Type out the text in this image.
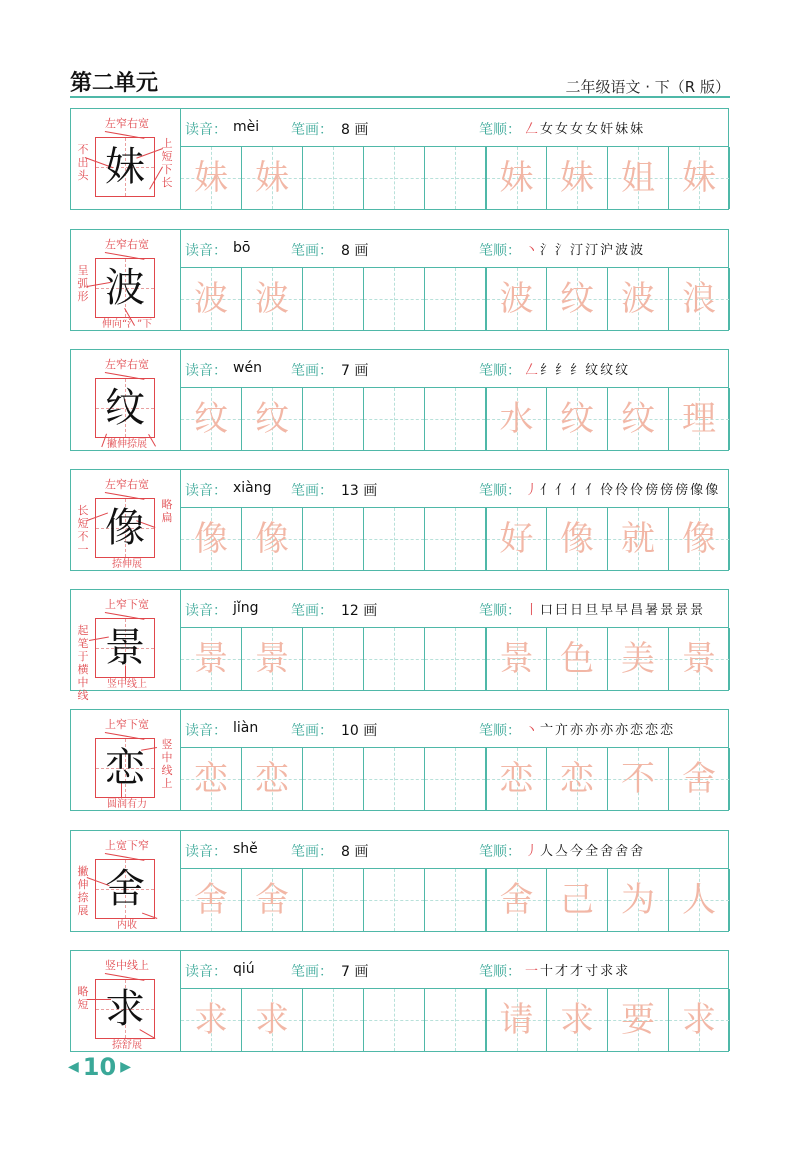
第二单元	二年级语文 · 下（R 版）
妹
左窄右宽
不出头
上短下长
读音： mèi 笔画： 8 画	笔顺： 𠃋 女 女 女 女 奸 妹 妹
妹 妹	妹 妹 姐 妹
波
左窄右宽
呈弧形
伸向“氵”下
读音： bō	笔画： 8 画	笔顺： 丶 氵 氵 汀 汀 沪 波 波
波 波	波 纹 波 浪
纹
左窄右宽
撇伸捺展
读音： wén 笔画： 7 画	笔顺： 𠃋 纟 纟 纟 纹 纹 纹
纹 纹	水 纹 纹 理
像
左窄右宽
长短不一
略扁
捺伸展
读音： xiàng 笔画： 13 画	笔顺： 丿 亻 亻 亻 亻 伶 伶 伶 傍 傍 傍 像 像
像 像	好 像 就 像
景
上窄下宽
起笔于横中线
竖中线上
读音： jǐng 笔画： 12 画	笔顺： 丨 口 曰 日 旦 早 早 昌 暑 景 景 景
景 景	景 色 美 景
恋
上窄下宽
竖中线上
圆润有力
读音： liàn 笔画： 10 画	笔顺： 丶 亠 亣 亦 亦 亦 亦 恋 恋 恋
恋 恋	恋 恋 不 舍
舍
上宽下窄
撇伸捺展
内收
读音： shě 笔画： 8 画	笔顺： 丿 人 亼 今 全 舍 舍 舍
舍 舍	舍 己 为 人
求
竖中线上
略短
捺舒展
读音： qiú	笔画： 7 画	笔顺： 一 十 才 才 寸 求 求
求 求	请 求 要 求
◀ 10 ▶
